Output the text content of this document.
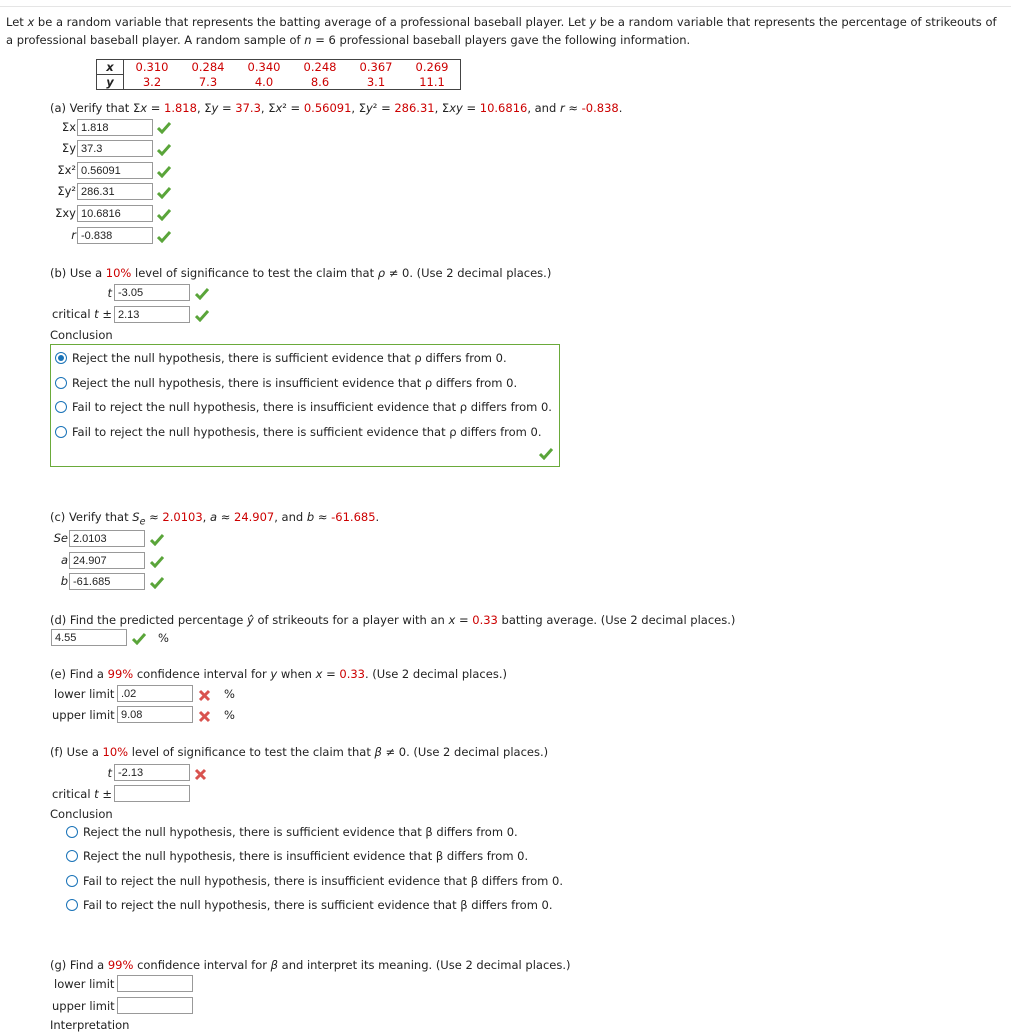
Let x be a random variable that represents the batting average of a professional baseball player. Let y be a random variable that represents the percentage of strikeouts of a professional baseball player. A random sample of n = 6 professional baseball players gave the following information.
x	0.310	0.284	0.340	0.248	0.367	0.269
y	3.2	7.3	4.0	8.6	3.1	11.1
(a) Verify that Σx = 1.818, Σy = 37.3, Σx² = 0.56091, Σy² = 286.31, Σxy = 10.6816, and r ≈ -0.838.
Σx 1.818
Σy 37.3
Σx² 0.56091
Σy² 286.31
Σxy 10.6816
r -0.838
(b) Use a 10% level of significance to test the claim that ρ ≠ 0. (Use 2 decimal places.)
t -3.05
critical t ± 2.13
Conclusion
Reject the null hypothesis, there is sufficient evidence that ρ differs from 0.
Reject the null hypothesis, there is insufficient evidence that ρ differs from 0.
Fail to reject the null hypothesis, there is insufficient evidence that ρ differs from 0.
Fail to reject the null hypothesis, there is sufficient evidence that ρ differs from 0.
(c) Verify that $S_e \approx 2.0103$, a ≈ 24.907, and b ≈ -61.685.
Se 2.0103
a 24.907
b -61.685
(d) Find the predicted percentage ŷ of strikeouts for a player with an x = 0.33 batting average. (Use 2 decimal places.)
4.55	%
(e) Find a 99% confidence interval for y when x = 0.33. (Use 2 decimal places.)
lower limit .02	%
upper limit 9.08	%
(f) Use a 10% level of significance to test the claim that β ≠ 0. (Use 2 decimal places.)
t -2.13
critical t ±
Conclusion
Reject the null hypothesis, there is sufficient evidence that β differs from 0.
Reject the null hypothesis, there is insufficient evidence that β differs from 0.
Fail to reject the null hypothesis, there is insufficient evidence that β differs from 0.
Fail to reject the null hypothesis, there is sufficient evidence that β differs from 0.
(g) Find a 99% confidence interval for β and interpret its meaning. (Use 2 decimal places.)
lower limit
upper limit
Interpretation
